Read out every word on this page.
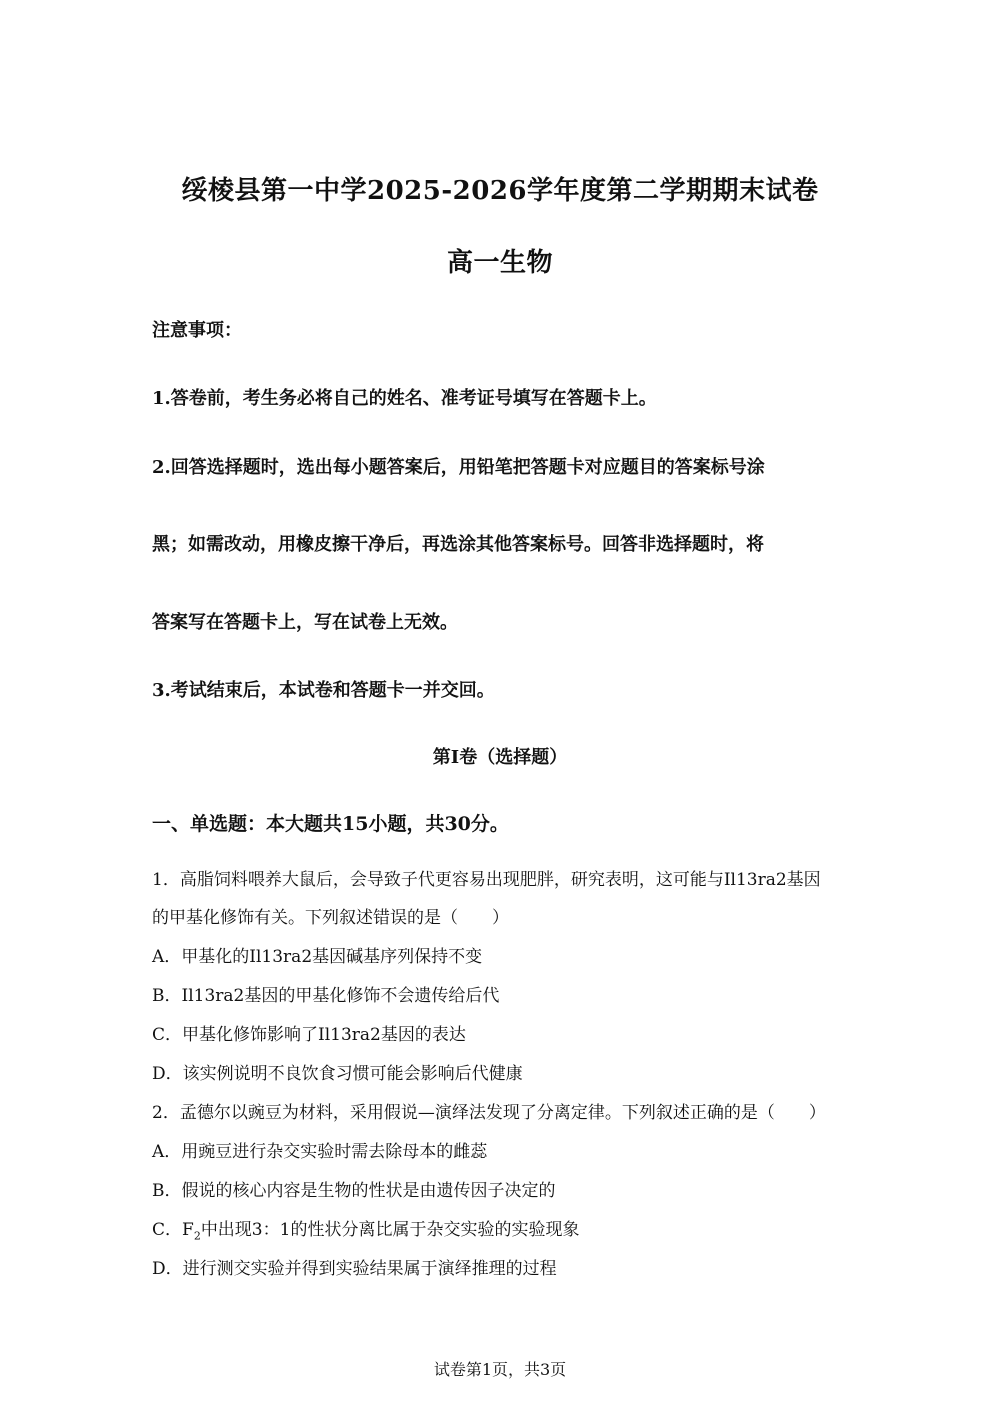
绥棱县第一中学2025-2026学年度第二学期期末试卷
高一生物
注意事项：
1.答卷前，考生务必将自己的姓名、准考证号填写在答题卡上。
2.回答选择题时，选出每小题答案后，用铅笔把答题卡对应题目的答案标号涂
黑；如需改动，用橡皮擦干净后，再选涂其他答案标号。回答非选择题时，将
答案写在答题卡上，写在试卷上无效。
3.考试结束后，本试卷和答题卡一并交回。
第I卷（选择题）
一、单选题：本大题共15小题，共30分。
1．高脂饲料喂养大鼠后，会导致子代更容易出现肥胖，研究表明，这可能与Il13ra2基因
的甲基化修饰有关。下列叙述错误的是（　　）
A．甲基化的Il13ra2基因碱基序列保持不变
B．Il13ra2基因的甲基化修饰不会遗传给后代
C．甲基化修饰影响了Il13ra2基因的表达
D．该实例说明不良饮食习惯可能会影响后代健康
2．孟德尔以豌豆为材料，采用假说—演绎法发现了分离定律。下列叙述正确的是（　　）
A．用豌豆进行杂交实验时需去除母本的雌蕊
B．假说的核心内容是生物的性状是由遗传因子决定的
C．$F_2$中出现3：1的性状分离比属于杂交实验的实验现象
D．进行测交实验并得到实验结果属于演绎推理的过程
试卷第1页，共3页
